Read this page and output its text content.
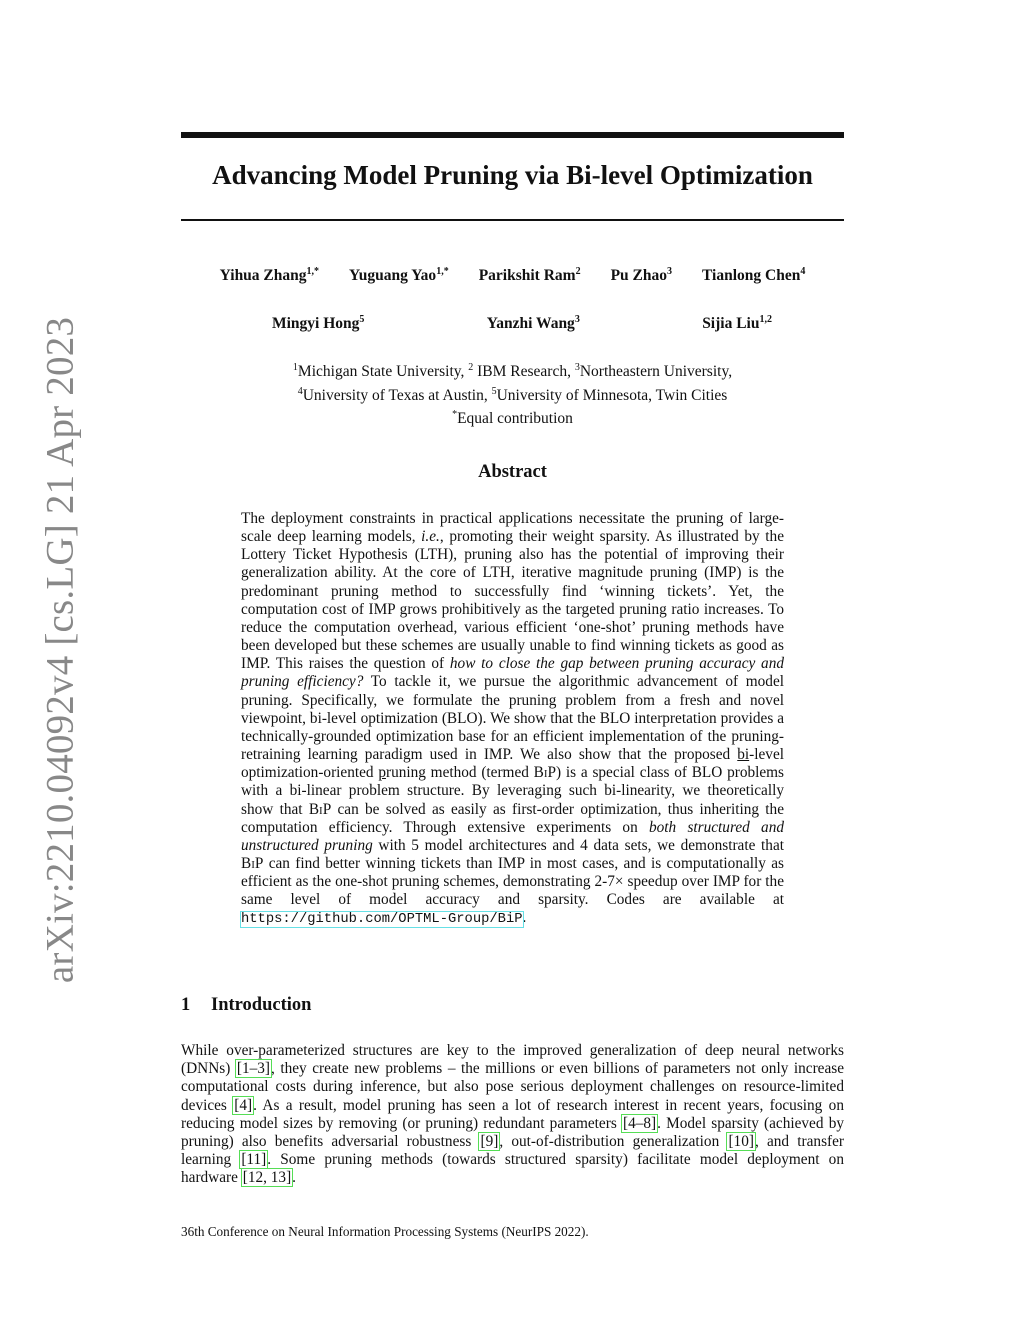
arXiv:2210.04092v4 [cs.LG] 21 Apr 2023
Advancing Model Pruning via Bi-level Optimization
Yihua Zhang$^{1,*}$ Yuguang Yao$^{1,*}$ Parikshit Ram$^2$ Pu Zhao$^3$ Tianlong Chen$^4$
Mingyi Hong$^5$	Yanzhi Wang$^3$	Sijia Liu$^{1,2}$
$^1$Michigan State University, $^2$ IBM Research, $^3$Northeastern University,
$^4$University of Texas at Austin, $^5$University of Minnesota, Twin Cities
*Equal contribution
Abstract

The deployment constraints in practical applications necessitate the pruning of large-scale deep learning models, i.e., promoting their weight sparsity. As illustrated by the Lottery Ticket Hypothesis (LTH), pruning also has the potential of improving their generalization ability. At the core of LTH, iterative magnitude pruning (IMP) is the predominant pruning method to successfully find ‘winning tickets’. Yet, the computation cost of IMP grows prohibitively as the targeted pruning ratio increases. To reduce the computation overhead, various efficient ‘one-shot’ pruning methods have been developed but these schemes are usually unable to find winning tickets as good as IMP. This raises the question of how to close the gap between pruning accuracy and pruning efficiency? To tackle it, we pursue the algorithmic advancement of model pruning. Specifically, we formulate the pruning problem from a fresh and novel viewpoint, bi-level optimization (BLO). We show that the BLO interpretation provides a technically-grounded optimization base for an efficient implementation of the pruning-retraining learning paradigm used in IMP. We also show that the proposed bi-level optimization-oriented pruning method (termed BiP) is a special class of BLO problems with a bi-linear problem structure. By leveraging such bi-linearity, we theoretically show that BiP can be solved as easily as first-order optimization, thus inheriting the computation efficiency. Through extensive experiments on both structured and unstructured pruning with 5 model architectures and 4 data sets, we demonstrate that BiP can find better winning tickets than IMP in most cases, and is computationally as efficient as the one-shot pruning schemes, demonstrating 2-7× speedup over IMP for the same level of model accuracy and sparsity. Codes are available at https://github.com/OPTML-Group/BiP.

1 Introduction

While over-parameterized structures are key to the improved generalization of deep neural networks (DNNs) [1–3], they create new problems – the millions or even billions of parameters not only increase computational costs during inference, but also pose serious deployment challenges on resource-limited devices [4]. As a result, model pruning has seen a lot of research interest in recent years, focusing on reducing model sizes by removing (or pruning) redundant parameters [4–8]. Model sparsity (achieved by pruning) also benefits adversarial robustness [9], out-of-distribution generalization [10], and transfer learning [11]. Some pruning methods (towards structured sparsity) facilitate model deployment on hardware [12, 13].

36th Conference on Neural Information Processing Systems (NeurIPS 2022).
